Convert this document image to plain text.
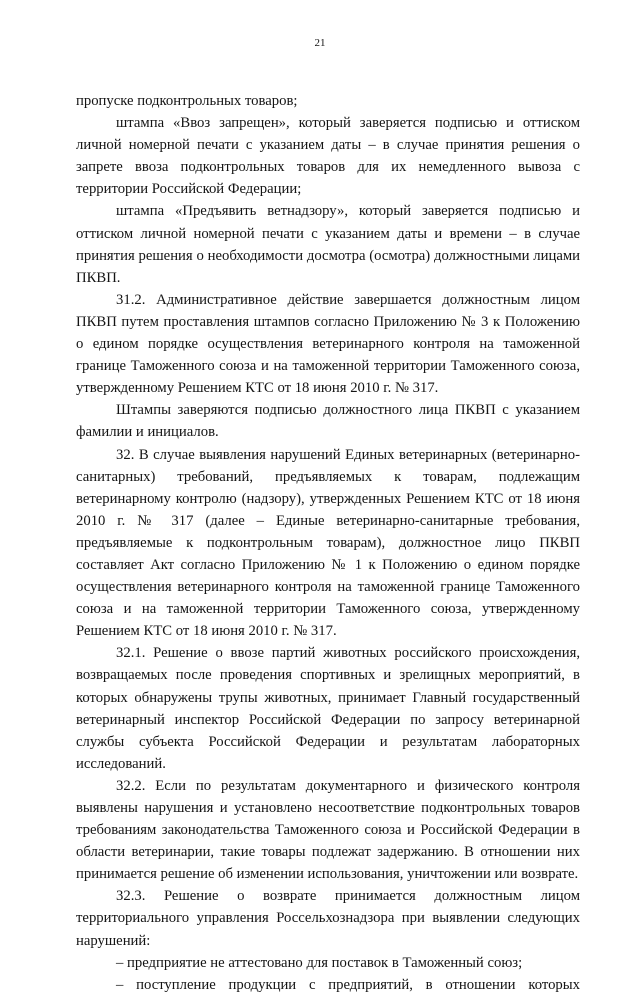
21

пропуске подконтрольных товаров;

штампа «Ввоз запрещен», который заверяется подписью и оттиском личной номерной печати с указанием даты – в случае принятия решения о запрете ввоза подконтрольных товаров для их немедленного вывоза с территории Российской Федерации;

штампа «Предъявить ветнадзору», который заверяется подписью и оттиском личной номерной печати с указанием даты и времени – в случае принятия решения о необходимости досмотра (осмотра) должностными лицами ПКВП.

31.2. Административное действие завершается должностным лицом ПКВП путем проставления штампов согласно Приложению № 3 к Положению о едином порядке осуществления ветеринарного контроля на таможенной границе Таможенного союза и на таможенной территории Таможенного союза, утвержденному Решением КТС от 18 июня 2010 г. № 317.

Штампы заверяются подписью должностного лица ПКВП с указанием фамилии и инициалов.

32. В случае выявления нарушений Единых ветеринарных (ветеринарно-санитарных) требований, предъявляемых к товарам, подлежащим ветеринарному контролю (надзору), утвержденных Решением КТС от 18 июня 2010 г. № 317 (далее – Единые ветеринарно-санитарные требования, предъявляемые к подконтрольным товарам), должностное лицо ПКВП составляет Акт согласно Приложению № 1 к Положению о едином порядке осуществления ветеринарного контроля на таможенной границе Таможенного союза и на таможенной территории Таможенного союза, утвержденному Решением КТС от 18 июня 2010 г. № 317.

32.1. Решение о ввозе партий животных российского происхождения, возвращаемых после проведения спортивных и зрелищных мероприятий, в которых обнаружены трупы животных, принимает Главный государственный ветеринарный инспектор Российской Федерации по запросу ветеринарной службы субъекта Российской Федерации и результатам лабораторных исследований.

32.2. Если по результатам документарного и физического контроля выявлены нарушения и установлено несоответствие подконтрольных товаров требованиям законодательства Таможенного союза и Российской Федерации в области ветеринарии, такие товары подлежат задержанию. В отношении них принимается решение об изменении использования, уничтожении или возврате.

32.3. Решение о возврате принимается должностным лицом территориального управления Россельхознадзора при выявлении следующих нарушений:

– предприятие не аттестовано для поставок в Таможенный союз;

– поступление продукции с предприятий, в отношении которых
